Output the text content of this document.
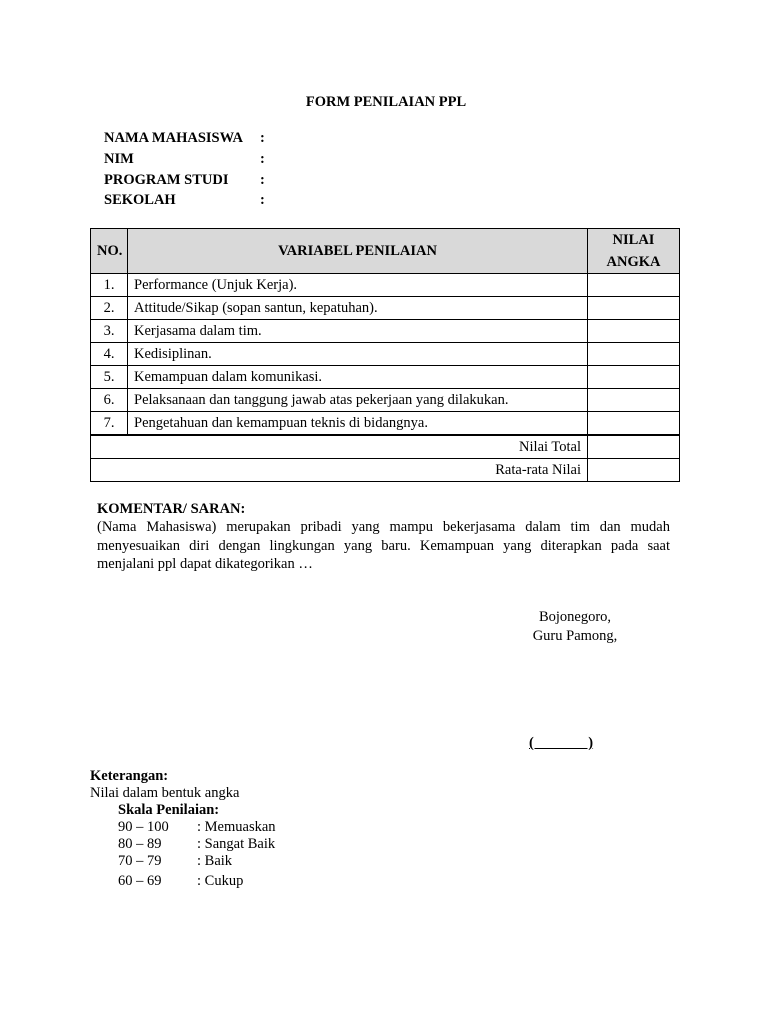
FORM PENILAIAN PPL
NAMA MAHASISWA :
NIM	:
PROGRAM STUDI :
SEKOLAH	:
NO.	VARIABEL PENILAIAN	NILAI
ANGKA

1.	Performance (Unjuk Kerja).	
2.	Attitude/Sikap (sopan santun, kepatuhan).	
3.	Kerjasama dalam tim.	
4.	Kedisiplinan.	
5.	Kemampuan dalam komunikasi.	
6.	Pelaksanaan dan tanggung jawab atas pekerjaan yang dilakukan.	
7.	Pengetahuan dan kemampuan teknis di bidangnya.	
Nilai Total		
Rata-rata Nilai		
KOMENTAR/ SARAN:
(Nama Mahasiswa) merupakan pribadi yang mampu bekerjasama dalam tim dan mudah menyesuaikan diri dengan lingkungan yang baru. Kemampuan yang diterapkan pada saat menjalani ppl dapat dikategorikan …
Bojonegoro,
Guru Pamong,
(               )
Keterangan:
Nilai dalam bentuk angka
Skala Penilaian:
90 – 100 : Memuaskan
80 – 89 : Sangat Baik
70 – 79 : Baik
60 – 69 : Cukup
